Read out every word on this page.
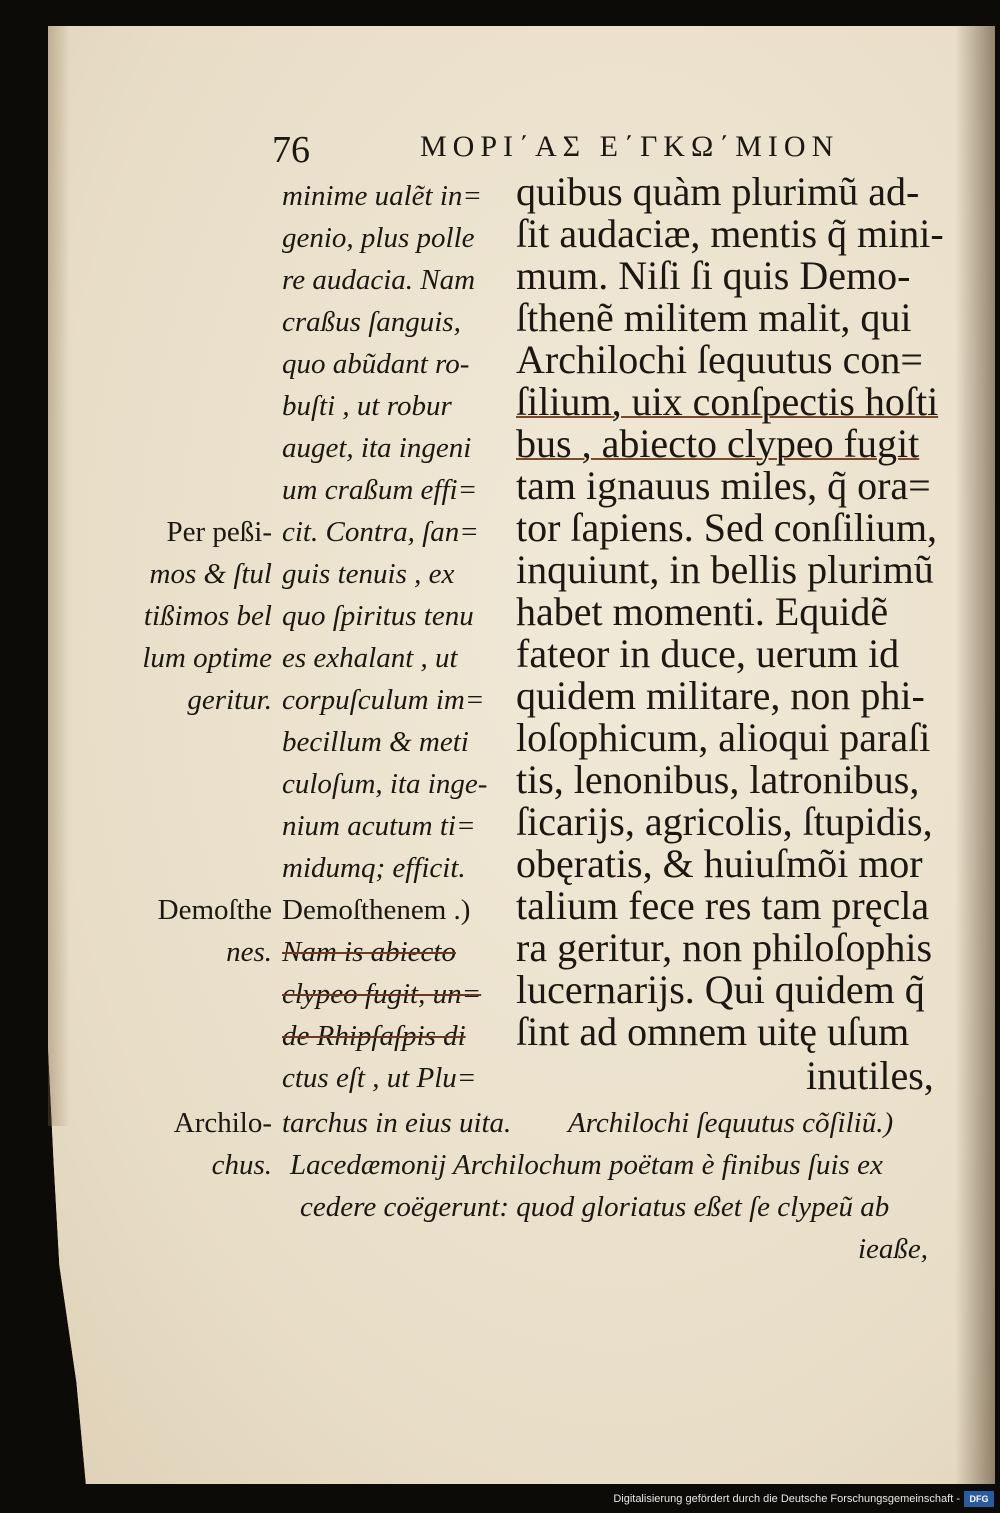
76	ΜΟΡΙ΄ΑΣ Ε΄ΓΚΩ΄ΜΙΟΝ
quibus quàm plurimũ ad-
ſit audaciæ, mentis q̃ mini-
mum. Niſi ſi quis Demo-
ſthenẽ militem malit, qui
Archilochi ſequutus con=
ſilium, uix conſpectis hoſti
bus , abiecto clypeo fugit
tam ignauus miles, q̃ ora=
tor ſapiens. Sed conſilium,
inquiunt, in bellis plurimũ
habet momenti. Equidẽ
fateor in duce, uerum id
quidem militare, non phi-
loſophicum, alioqui paraſi
tis, lenonibus, latronibus,
ſicarijs, agricolis, ſtupidis,
obęratis, & huiuſmõi mor
talium fece res tam pręcla
ra geritur, non philoſophis
lucernarijs. Qui quidem q̃
ſint ad omnem uitę uſum
inutiles,
minime ualẽt in=
genio, plus polle
re audacia. Nam
craßus ſanguis,
quo abũdant ro-
buſti , ut robur
auget, ita ingeni
um craßum effi=
cit. Contra, ſan=
guis tenuis , ex
quo ſpiritus tenu
es exhalant , ut
corpuſculum im=
becillum & meti
culoſum, ita inge-
nium acutum ti=
midumq; efficit.
Demoſthenem .)
Nam is abiecto
clypeo fugit, un=
de Rhipſaſpis di
ctus eſt , ut Plu=
tarchus in eius uita.
Per peßi-
mos & ſtul
tißimos bel
lum optime
geritur.
Demoſthe
nes.
Archilo-
chus.
Archilochi ſequutus cõſiliũ.)
Lacedæmonij Archilochum poëtam è finibus ſuis ex
cedere coëgerunt: quod gloriatus eßet ſe clypeũ ab
ieaße,
Digitalisierung gefördert durch die Deutsche Forschungsgemeinschaft -	DFG
